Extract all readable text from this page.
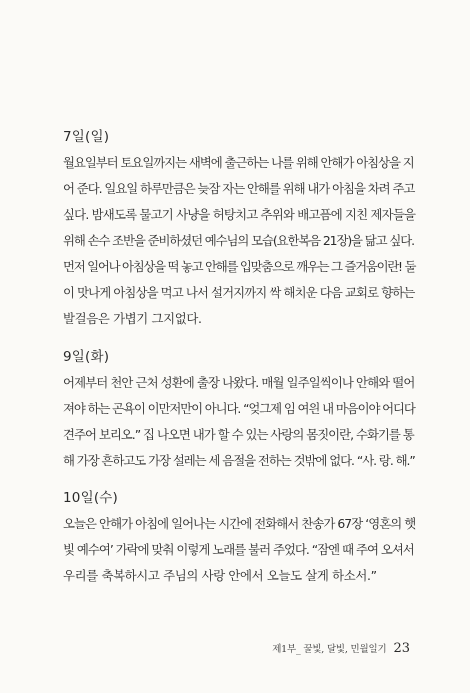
7일(일)
월요일부터 토요일까지는 새벽에 출근하는 나를 위해 안해가 아침상을 지
어 준다. 일요일 하루만큼은 늦잠 자는 안해를 위해 내가 아침을 차려 주고
싶다. 밤새도록 물고기 사냥을 허탕치고 추위와 배고픔에 지친 제자들을
위해 손수 조반을 준비하셨던 예수님의 모습(요한복음 21장)을 닮고 싶다.
먼저 일어나 아침상을 떡 놓고 안해를 입맞춤으로 깨우는 그 즐거움이란! 둘
이 맛나게 아침상을 먹고 나서 설거지까지 싹 해치운 다음 교회로 향하는
발걸음은 가볍기 그지없다.
9일(화)
어제부터 천안 근처 성환에 출장 나왔다. 매월 일주일씩이나 안해와 떨어
져야 하는 곤욕이 이만저만이 아니다. “엊그제 임 여읜 내 마음이야 어디다
견주어 보리오.” 집 나오면 내가 할 수 있는 사랑의 몸짓이란, 수화기를 통
해 가장 흔하고도 가장 설레는 세 음절을 전하는 것밖에 없다. “사. 랑. 해.”
10일(수)
오늘은 안해가 아침에 일어나는 시간에 전화해서 찬송가 67장 ‘영혼의 햇
빛 예수여’ 가락에 맞춰 이렇게 노래를 불러 주었다. “잠엔 때 주여 오셔서
우리를 축복하시고 주님의 사랑 안에서 오늘도 살게 하소서.”
제1부_ 꿀빛, 달빛, 민월일기 23
